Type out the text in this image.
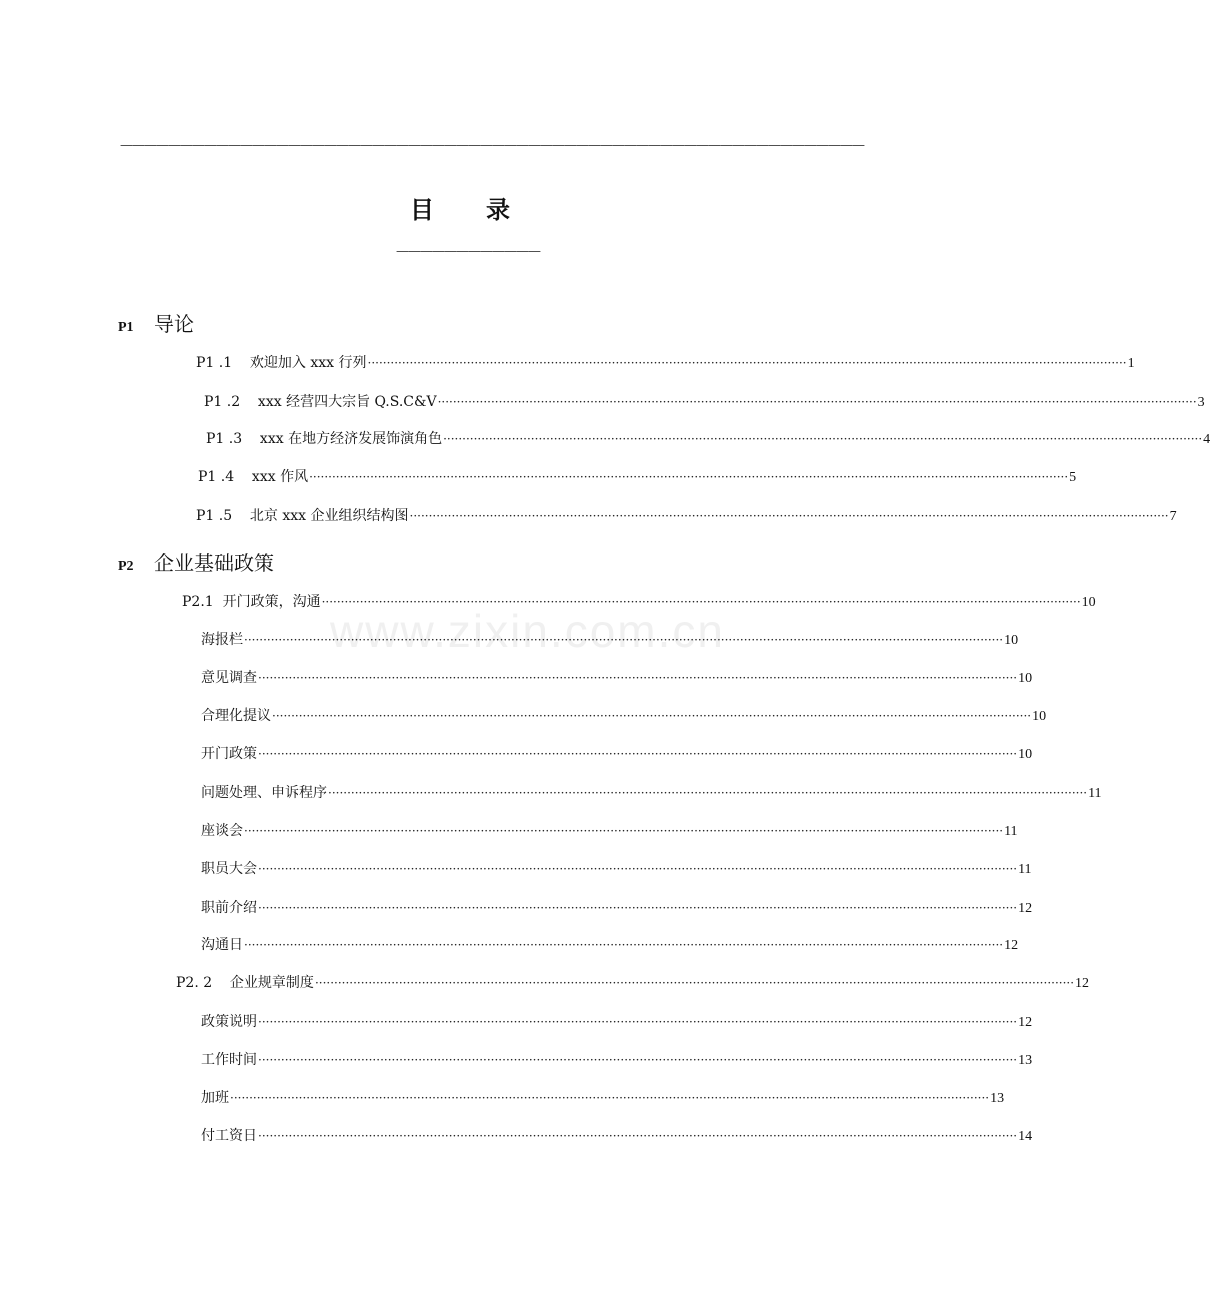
——————————————————————————————————————————————————————————————
目 录
————————————
www.zixin.com.cn
P1 导论
P1 .1    欢迎加入 xxx 行列 ·····	1
P1 .2    xxx 经营四大宗旨 Q.S.C&V ·····	3
P1 .3    xxx 在地方经济发展饰演角色 ·····	4
P1 .4    xxx 作风 ·····	5
P1 .5    北京 xxx 企业组织结构图 ·····	7
P2 企业基础政策
P2.1  开门政策，沟通 ·····	10
海报栏 ·····	10
意见调查 ·····	10
合理化提议 ·····	10
开门政策 ·····	10
问题处理、申诉程序 ·····	11
座谈会 ·····	11
职员大会 ·····	11
职前介绍 ·····	12
沟通日 ·····	12
P2. 2    企业规章制度 ·····	12
政策说明 ·····	12
工作时间 ·····	13
加班 ·····	13
付工资日 ·····	14
